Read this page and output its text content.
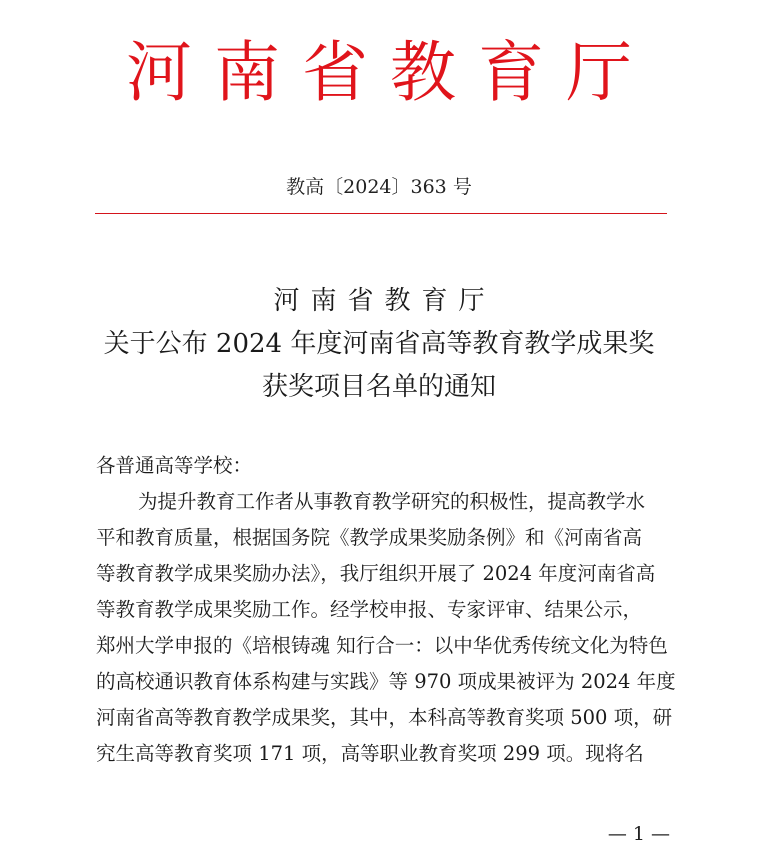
河南省教育厅
教高〔2024〕363 号
河南省教育厅
关于公布 2024 年度河南省高等教育教学成果奖
获奖项目名单的通知
各普通高等学校：
为提升教育工作者从事教育教学研究的积极性，提高教学水
平和教育质量，根据国务院《教学成果奖励条例》和《河南省高
等教育教学成果奖励办法》，我厅组织开展了 2024 年度河南省高
等教育教学成果奖励工作。经学校申报、专家评审、结果公示，
郑州大学申报的《培根铸魂 知行合一：以中华优秀传统文化为特色
的高校通识教育体系构建与实践》等 970 项成果被评为 2024 年度
河南省高等教育教学成果奖，其中，本科高等教育奖项 500 项，研
究生高等教育奖项 171 项，高等职业教育奖项 299 项。现将名
— 1 —
